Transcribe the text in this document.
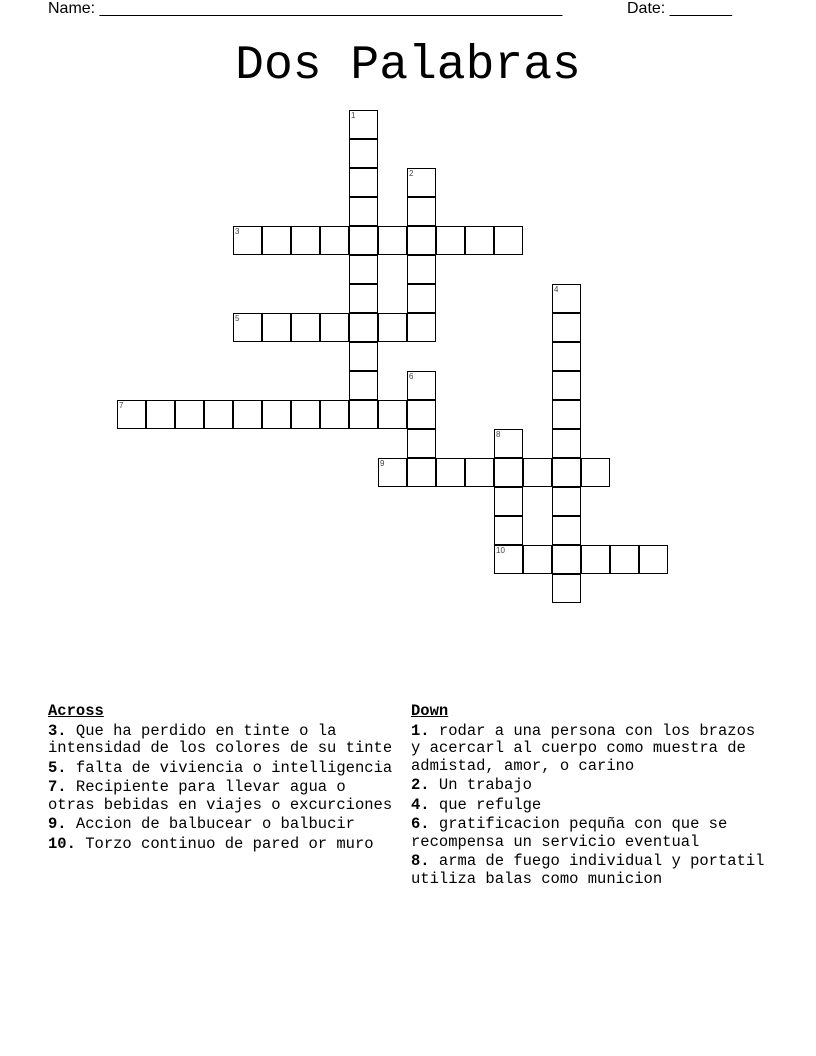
Name: ____________________________________________________	Date: _______
Dos Palabras
1
2
3
4
5
6
7
8
9
10
Across
3. Que ha perdido en tinte o la intensidad de los colores de su tinte
5. falta de viviencia o intelligencia
7. Recipiente para llevar agua o otras bebidas en viajes o excurciones
9. Accion de balbucear o balbucir
10. Torzo continuo de pared or muro
Down
1. rodar a una persona con los brazos y acercarl al cuerpo como muestra de admistad, amor, o carino
2. Un trabajo
4. que refulge
6. gratificacion pequña con que se recompensa un servicio eventual
8. arma de fuego individual y portatil utiliza balas como municion
